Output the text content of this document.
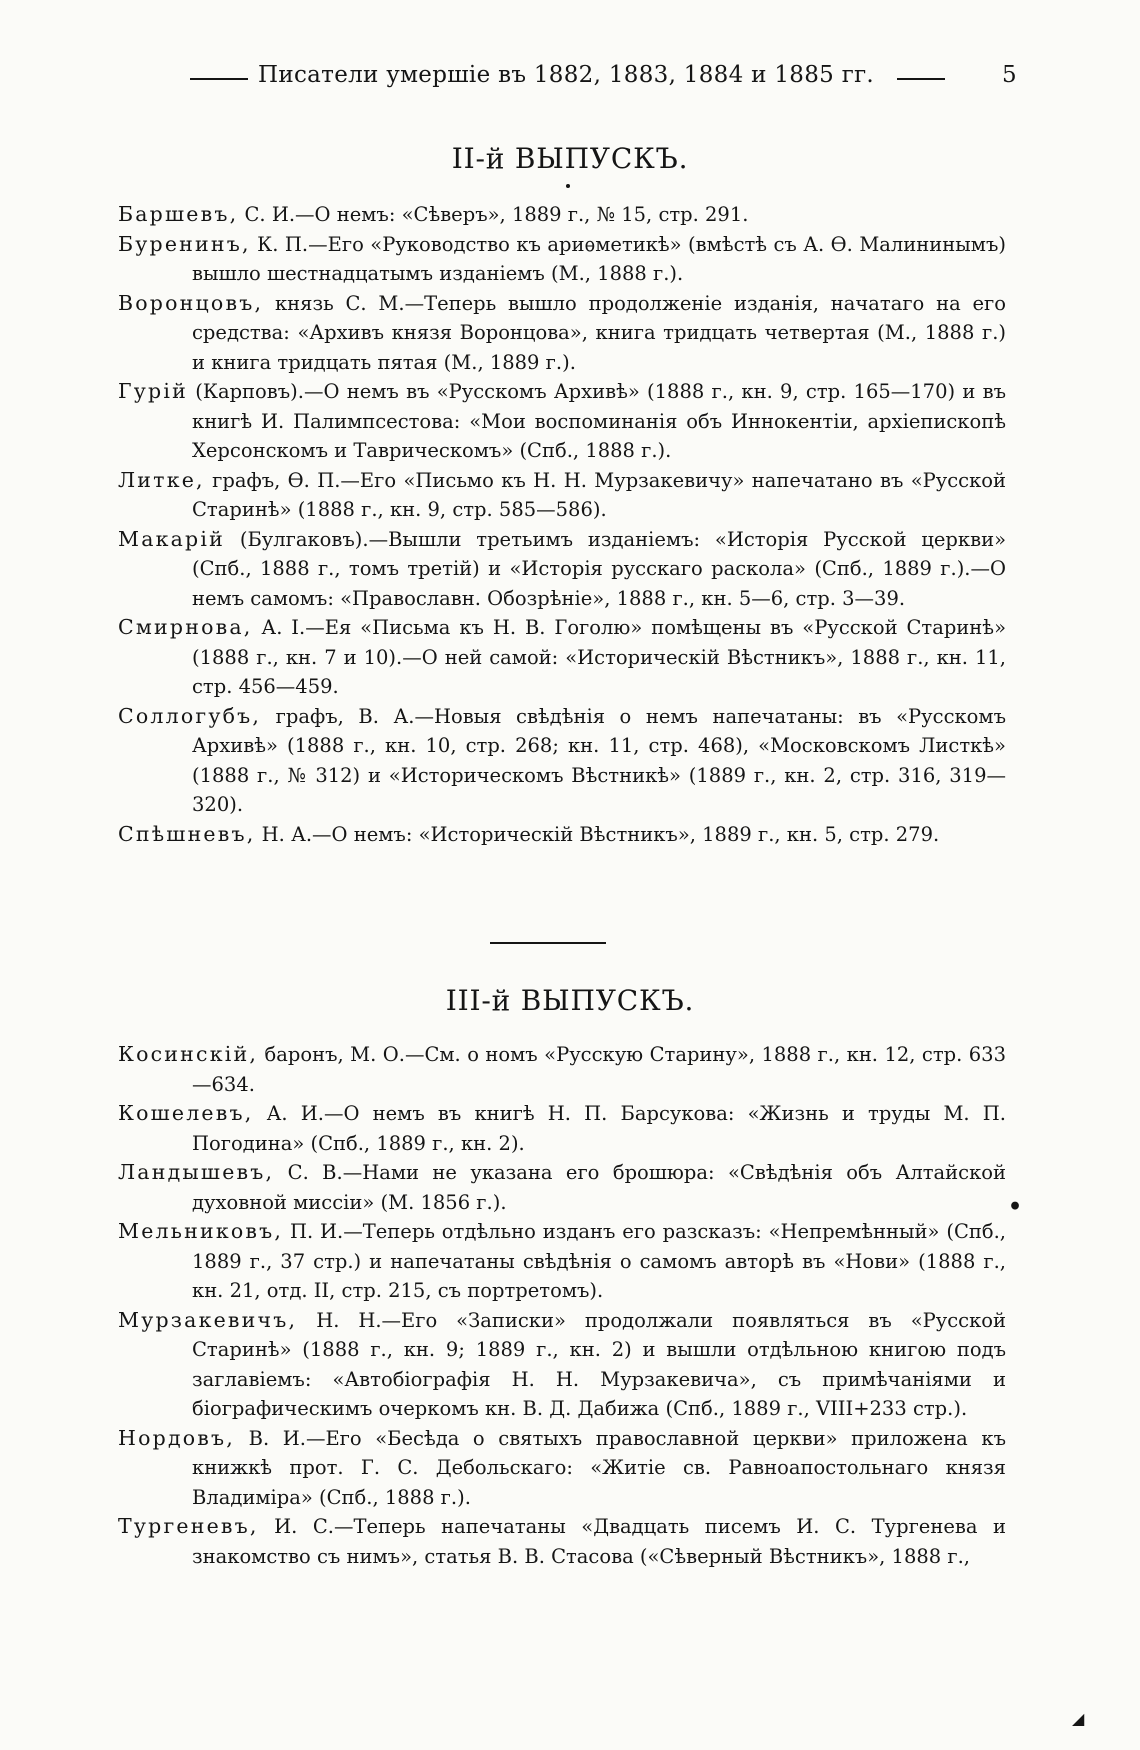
Писатели умершіе въ 1882, 1883, 1884 и 1885 гг.	5
II-й ВЫПУСКЪ.

Баршевъ, С. И.—О немъ: «Сѣверъ», 1889 г., № 15, стр. 291.

Буренинъ, К. П.—Его «Руководство къ ариѳметикѣ» (вмѣстѣ съ А. Ѳ. Малининымъ) вышло шестнадцатымъ изданіемъ (М., 1888 г.).

Воронцовъ, князь С. М.—Теперь вышло продолженіе изданія, начатаго на его средства: «Архивъ князя Воронцова», книга тридцать четвертая (М., 1888 г.) и книга тридцать пятая (М., 1889 г.).

Гурій (Карповъ).—О немъ въ «Русскомъ Архивѣ» (1888 г., кн. 9, стр. 165—170) и въ книгѣ И. Палимпсестова: «Мои воспоминанія объ Иннокентіи, архіепископѣ Херсонскомъ и Таврическомъ» (Спб., 1888 г.).

Литке, графъ, Ѳ. П.—Его «Письмо къ Н. Н. Мурзакевичу» напечатано въ «Русской Старинѣ» (1888 г., кн. 9, стр. 585—586).

Макарій (Булгаковъ).—Вышли третьимъ изданіемъ: «Исторія Русской церкви» (Спб., 1888 г., томъ третій) и «Исторія русскаго раскола» (Спб., 1889 г.).—О немъ самомъ: «Православн. Обозрѣніе», 1888 г., кн. 5—6, стр. 3—39.

Смирнова, А. I.—Ея «Письма къ Н. В. Гоголю» помѣщены въ «Русской Старинѣ» (1888 г., кн. 7 и 10).—О ней самой: «Историческій Вѣстникъ», 1888 г., кн. 11, стр. 456—459.

Соллогубъ, графъ, В. А.—Новыя свѣдѣнія о немъ напечатаны: въ «Русскомъ Архивѣ» (1888 г., кн. 10, стр. 268; кн. 11, стр. 468), «Московскомъ Листкѣ» (1888 г., № 312) и «Историческомъ Вѣстникѣ» (1889 г., кн. 2, стр. 316, 319—320).

Спѣшневъ, Н. А.—О немъ: «Историческій Вѣстникъ», 1889 г., кн. 5, стр. 279.

III-й ВЫПУСКЪ.

Косинскій, баронъ, М. О.—См. о номъ «Русскую Старину», 1888 г., кн. 12, стр. 633—634.

Кошелевъ, А. И.—О немъ въ книгѣ Н. П. Барсукова: «Жизнь и труды М. П. Погодина» (Спб., 1889 г., кн. 2).

Ландышевъ, С. В.—Нами не указана его брошюра: «Свѣдѣнія объ Алтайской духовной миссіи» (М. 1856 г.).

Мельниковъ, П. И.—Теперь отдѣльно изданъ его разсказъ: «Непремѣнный» (Спб., 1889 г., 37 стр.) и напечатаны свѣдѣнія о самомъ авторѣ въ «Нови» (1888 г., кн. 21, отд. II, стр. 215, съ портретомъ).

Мурзакевичъ, Н. Н.—Его «Записки» продолжали появляться въ «Русской Старинѣ» (1888 г., кн. 9; 1889 г., кн. 2) и вышли отдѣльною книгою подъ заглавіемъ: «Автобіографія Н. Н. Мурзакевича», съ примѣчаніями и біографическимъ очеркомъ кн. В. Д. Дабижа (Спб., 1889 г., VIII+233 стр.).

Нордовъ, В. И.—Его «Бесѣда о святыхъ православной церкви» приложена къ книжкѣ прот. Г. С. Дебольскаго: «Житіе св. Равноапостольнаго князя Владиміра» (Спб., 1888 г.).

Тургеневъ, И. С.—Теперь напечатаны «Двадцать писемъ И. С. Тургенева и знакомство съ нимъ», статья В. В. Стасова («Сѣверный Вѣстникъ», 1888 г.,

•
◢
